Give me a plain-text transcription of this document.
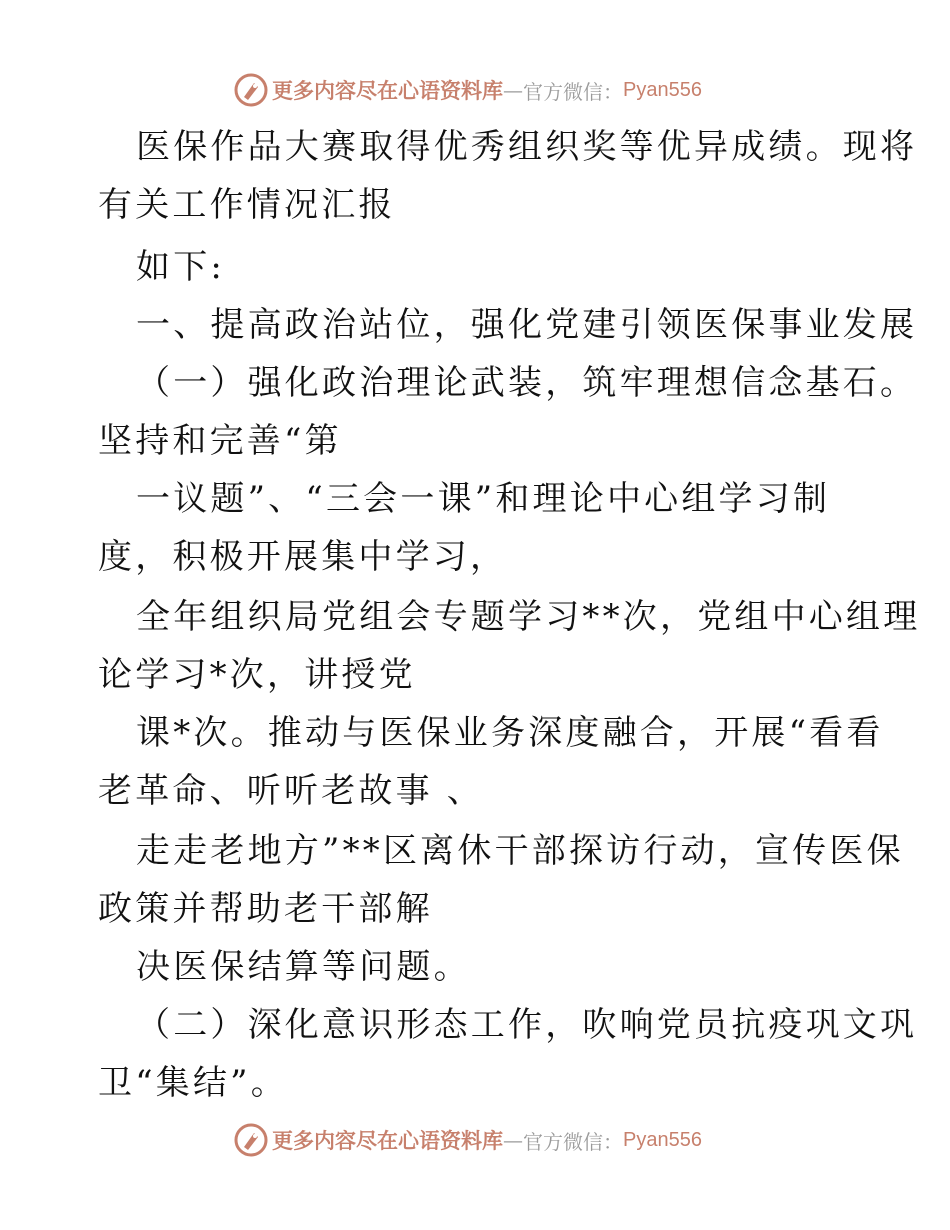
更多内容尽在心语资料库 — 官方微信： Pyan556
医保作品大赛取得优秀组织奖等优异成绩。现将
有关工作情况汇报
如下:
一、提高政治站位，强化党建引领医保事业发展
（一）强化政治理论武装，筑牢理想信念基石。
坚持和完善“第
一议题”、“三会一课”和理论中心组学习制
度，积极开展集中学习，
全年组织局党组会专题学习**次，党组中心组理
论学习*次，讲授党
课*次。推动与医保业务深度融合，开展“看看
老革命、听听老故事 、
走走老地方”**区离休干部探访行动，宣传医保
政策并帮助老干部解
决医保结算等问题。
（二）深化意识形态工作，吹响党员抗疫巩文巩
卫“集结”。
更多内容尽在心语资料库 — 官方微信： Pyan556
